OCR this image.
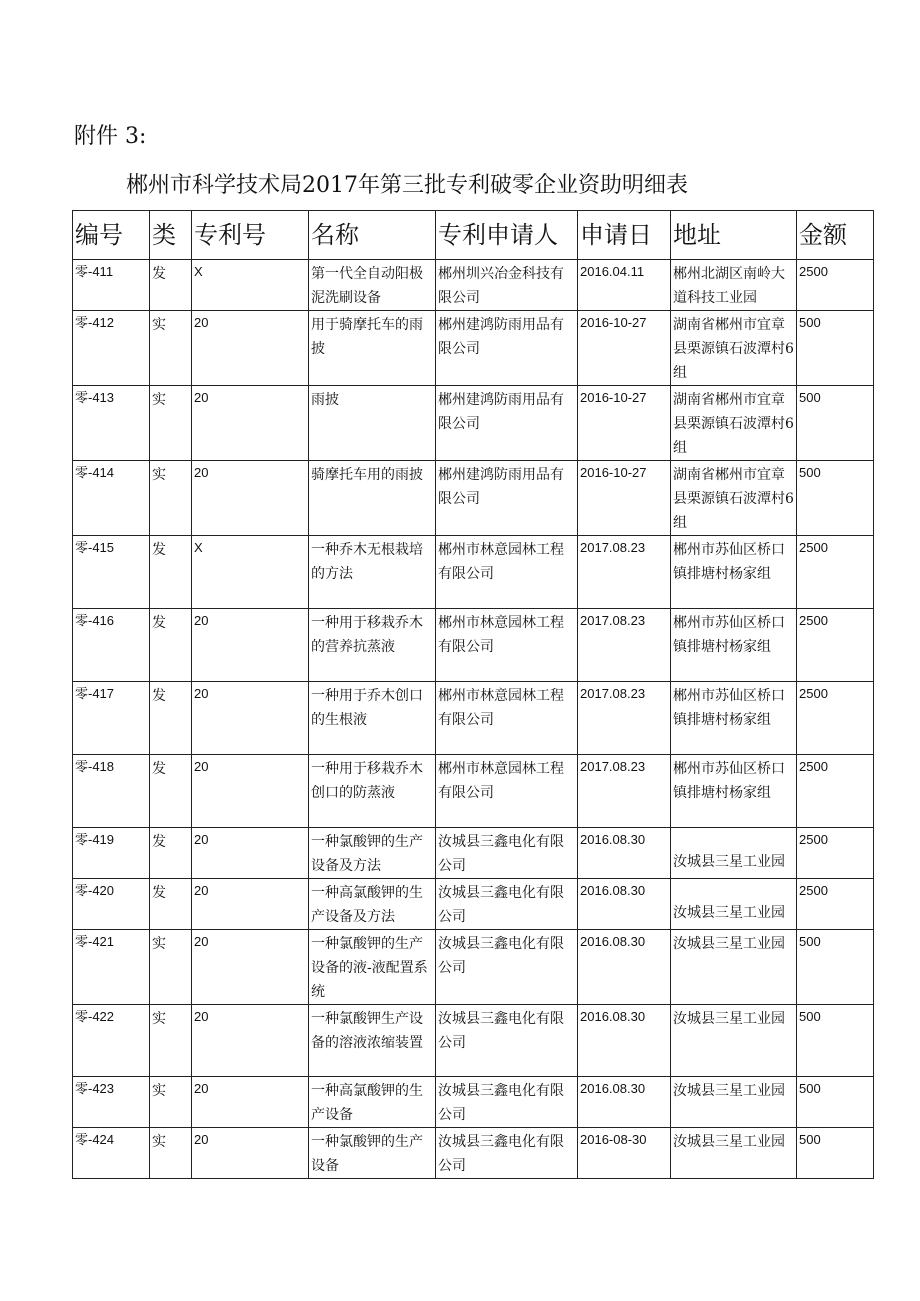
附件 3:
郴州市科学技术局2017年第三批专利破零企业资助明细表
编号	类	专利号	名称	专利申请人	申请日	地址	金额
零-411	发	X	第一代全自动阳极泥洗刷设备	郴州圳兴冶金科技有限公司	2016.04.11	郴州北湖区南岭大道科技工业园	2500
零-412	实	20	用于骑摩托车的雨披	郴州建鸿防雨用品有限公司	2016-10-27	湖南省郴州市宜章县栗源镇石波潭村6组	500
零-413	实	20	雨披	郴州建鸿防雨用品有限公司	2016-10-27	湖南省郴州市宜章县栗源镇石波潭村6组	500
零-414	实	20	骑摩托车用的雨披	郴州建鸿防雨用品有限公司	2016-10-27	湖南省郴州市宜章县栗源镇石波潭村6组	500
零-415	发	X	一种乔木无根栽培的方法	郴州市林意园林工程有限公司	2017.08.23	郴州市苏仙区桥口镇排塘村杨家组	2500
零-416	发	20	一种用于移栽乔木的营养抗蒸液	郴州市林意园林工程有限公司	2017.08.23	郴州市苏仙区桥口镇排塘村杨家组	2500
零-417	发	20	一种用于乔木创口的生根液	郴州市林意园林工程有限公司	2017.08.23	郴州市苏仙区桥口镇排塘村杨家组	2500
零-418	发	20	一种用于移栽乔木创口的防蒸液	郴州市林意园林工程有限公司	2017.08.23	郴州市苏仙区桥口镇排塘村杨家组	2500
零-419	发	20	一种氯酸钾的生产设备及方法	汝城县三鑫电化有限公司	2016.08.30	汝城县三星工业园	2500
零-420	发	20	一种高氯酸钾的生产设备及方法	汝城县三鑫电化有限公司	2016.08.30	汝城县三星工业园	2500
零-421	实	20	一种氯酸钾的生产设备的液-液配置系统	汝城县三鑫电化有限公司	2016.08.30	汝城县三星工业园	500
零-422	实	20	一种氯酸钾生产设备的溶液浓缩装置	汝城县三鑫电化有限公司	2016.08.30	汝城县三星工业园	500
零-423	实	20	一种高氯酸钾的生产设备	汝城县三鑫电化有限公司	2016.08.30	汝城县三星工业园	500
零-424	实	20	一种氯酸钾的生产设备	汝城县三鑫电化有限公司	2016-08-30	汝城县三星工业园	500
